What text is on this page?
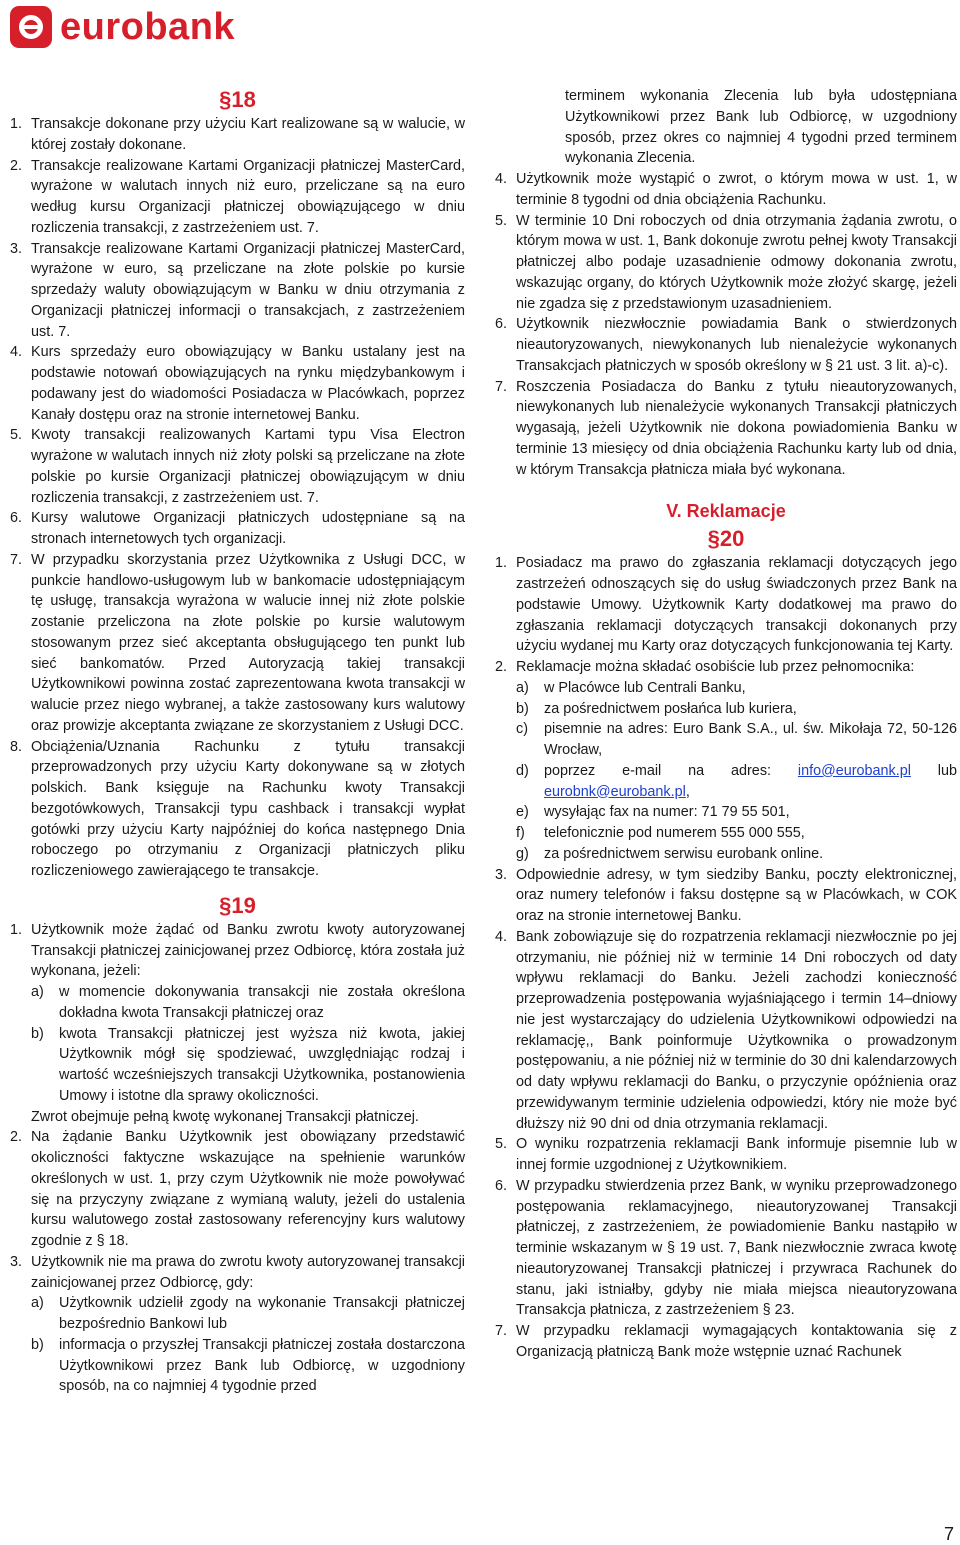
eurobank
§18
1. Transakcje dokonane przy użyciu Kart realizowane są w walucie, w której zostały dokonane.
2. Transakcje realizowane Kartami Organizacji płatniczej MasterCard, wyrażone w walutach innych niż euro, przeliczane są na euro według kursu Organizacji płatniczej obowiązującego w dniu rozliczenia transakcji, z zastrzeżeniem ust. 7.
3. Transakcje realizowane Kartami Organizacji płatniczej MasterCard, wyrażone w euro, są przeliczane na złote polskie po kursie sprzedaży waluty obowiązującym w Banku w dniu otrzymania z Organizacji płatniczej informacji o transakcjach, z zastrzeżeniem ust. 7.
4. Kurs sprzedaży euro obowiązujący w Banku ustalany jest na podstawie notowań obowiązujących na rynku międzybankowym i podawany jest do wiadomości Posiadacza w Placówkach, poprzez Kanały dostępu oraz na stronie internetowej Banku.
5. Kwoty transakcji realizowanych Kartami typu Visa Electron wyrażone w walutach innych niż złoty polski są przeliczane na złote polskie po kursie Organizacji płatniczej obowiązującym w dniu rozliczenia transakcji, z zastrzeżeniem ust. 7.
6. Kursy walutowe Organizacji płatniczych udostępniane są na stronach internetowych tych organizacji.
7. W przypadku skorzystania przez Użytkownika z Usługi DCC, w punkcie handlowo-usługowym lub w bankomacie udostępniającym tę usługę, transakcja wyrażona w walucie innej niż złote polskie zostanie przeliczona na złote polskie po kursie walutowym stosowanym przez sieć akceptanta obsługującego ten punkt lub sieć bankomatów. Przed Autoryzacją takiej transakcji Użytkownikowi powinna zostać zaprezentowana kwota transakcji w walucie przez niego wybranej, a także zastosowany kurs walutowy oraz prowizje akceptanta związane ze skorzystaniem z Usługi DCC.
8. Obciążenia/Uznania Rachunku z tytułu transakcji przeprowadzonych przy użyciu Karty dokonywane są w złotych polskich. Bank księguje na Rachunku kwoty Transakcji bezgotówkowych, Transakcji typu cashback i transakcji wypłat gotówki przy użyciu Karty najpóźniej do końca następnego Dnia roboczego po otrzymaniu z Organizacji płatniczych pliku rozliczeniowego zawierającego te transakcje.
§19
1. Użytkownik może żądać od Banku zwrotu kwoty autoryzowanej Transakcji płatniczej zainicjowanej przez Odbiorcę, która została już wykonana, jeżeli:
a)	w momencie dokonywania transakcji nie została określona dokładna kwota Transakcji płatniczej oraz
b)	kwota Transakcji płatniczej jest wyższa niż kwota, jakiej Użytkownik mógł się spodziewać, uwzględniając rodzaj i wartość wcześniejszych transakcji Użytkownika, postanowienia Umowy i istotne dla sprawy okoliczności.
Zwrot obejmuje pełną kwotę wykonanej Transakcji płatniczej.
2. Na żądanie Banku Użytkownik jest obowiązany przedstawić okoliczności faktyczne wskazujące na spełnienie warunków określonych w ust. 1, przy czym Użytkownik nie może powoływać się na przyczyny związane z wymianą waluty, jeżeli do ustalenia kursu walutowego został zastosowany referencyjny kurs walutowy zgodnie z § 18.
3. Użytkownik nie ma prawa do zwrotu kwoty autoryzowanej transakcji zainicjowanej przez Odbiorcę, gdy:
a)	Użytkownik udzielił zgody na wykonanie Transakcji płatniczej bezpośrednio Bankowi lub
b)	informacja o przyszłej Transakcji płatniczej została dostarczona Użytkownikowi przez Bank lub Odbiorcę, w uzgodniony sposób, na co najmniej 4 tygodnie przed
terminem wykonania Zlecenia lub była udostępniana Użytkownikowi przez Bank lub Odbiorcę, w uzgodniony sposób, przez okres co najmniej 4 tygodni przed terminem wykonania Zlecenia.
4. Użytkownik może wystąpić o zwrot, o którym mowa w ust. 1, w terminie 8 tygodni od dnia obciążenia Rachunku.
5. W terminie 10 Dni roboczych od dnia otrzymania żądania zwrotu, o którym mowa w ust. 1, Bank dokonuje zwrotu pełnej kwoty Transakcji płatniczej albo podaje uzasadnienie odmowy dokonania zwrotu, wskazując organy, do których Użytkownik może złożyć skargę, jeżeli nie zgadza się z przedstawionym uzasadnieniem.
6. Użytkownik niezwłocznie powiadamia Bank o stwierdzonych nieautoryzowanych, niewykonanych lub nienależycie wykonanych Transakcjach płatniczych w sposób określony w § 21 ust. 3 lit. a)-c).
7. Roszczenia Posiadacza do Banku z tytułu nieautoryzowanych, niewykonanych lub nienależycie wykonanych Transakcji płatniczych wygasają, jeżeli Użytkownik nie dokona powiadomienia Banku w terminie 13 miesięcy od dnia obciążenia Rachunku karty lub od dnia, w którym Transakcja płatnicza miała być wykonana.
V. Reklamacje
§20
1. Posiadacz ma prawo do zgłaszania reklamacji dotyczących jego zastrzeżeń odnoszących się do usług świadczonych przez Bank na podstawie Umowy. Użytkownik Karty dodatkowej ma prawo do zgłaszania reklamacji dotyczących transakcji dokonanych przy użyciu wydanej mu Karty oraz dotyczących funkcjonowania tej Karty.
2. Reklamacje można składać osobiście lub przez pełnomocnika:
a)	w Placówce lub Centrali Banku,
b)	za pośrednictwem posłańca lub kuriera,
c)	pisemnie na adres: Euro Bank S.A., ul. św. Mikołaja 72, 50-126 Wrocław,
d)	poprzez e-mail na adres: info@eurobank.pl lub eurobnk@eurobank.pl,
e)	wysyłając fax na numer: 71 79 55 501,
f)	telefonicznie pod numerem 555 000 555,
g)	za pośrednictwem serwisu eurobank online.
3. Odpowiednie adresy, w tym siedziby Banku, poczty elektronicznej, oraz numery telefonów i faksu dostępne są w Placówkach, w COK oraz na stronie internetowej Banku.
4. Bank zobowiązuje się do rozpatrzenia reklamacji niezwłocznie po jej otrzymaniu, nie później niż w terminie 14 Dni roboczych od daty wpływu reklamacji do Banku. Jeżeli zachodzi konieczność przeprowadzenia postępowania wyjaśniającego i termin 14–dniowy nie jest wystarczający do udzielenia Użytkownikowi odpowiedzi na reklamację,, Bank poinformuje Użytkownika o prowadzonym postępowaniu, a nie później niż w terminie do 30 dni kalendarzowych od daty wpływu reklamacji do Banku, o przyczynie opóźnienia oraz przewidywanym terminie udzielenia odpowiedzi, który nie może być dłuższy niż 90 dni od dnia otrzymania reklamacji.
5. O wyniku rozpatrzenia reklamacji Bank informuje pisemnie lub w innej formie uzgodnionej z Użytkownikiem.
6. W przypadku stwierdzenia przez Bank, w wyniku przeprowadzonego postępowania reklamacyjnego, nieautoryzowanej Transakcji płatniczej, z zastrzeżeniem, że powiadomienie Banku nastąpiło w terminie wskazanym w § 19 ust. 7, Bank niezwłocznie zwraca kwotę nieautoryzowanej Transakcji płatniczej i przywraca Rachunek do stanu, jaki istniałby, gdyby nie miała miejsca nieautoryzowana Transakcja płatnicza, z zastrzeżeniem § 23.
7. W przypadku reklamacji wymagających kontaktowania się z Organizacją płatniczą Bank może wstępnie uznać Rachunek
7
